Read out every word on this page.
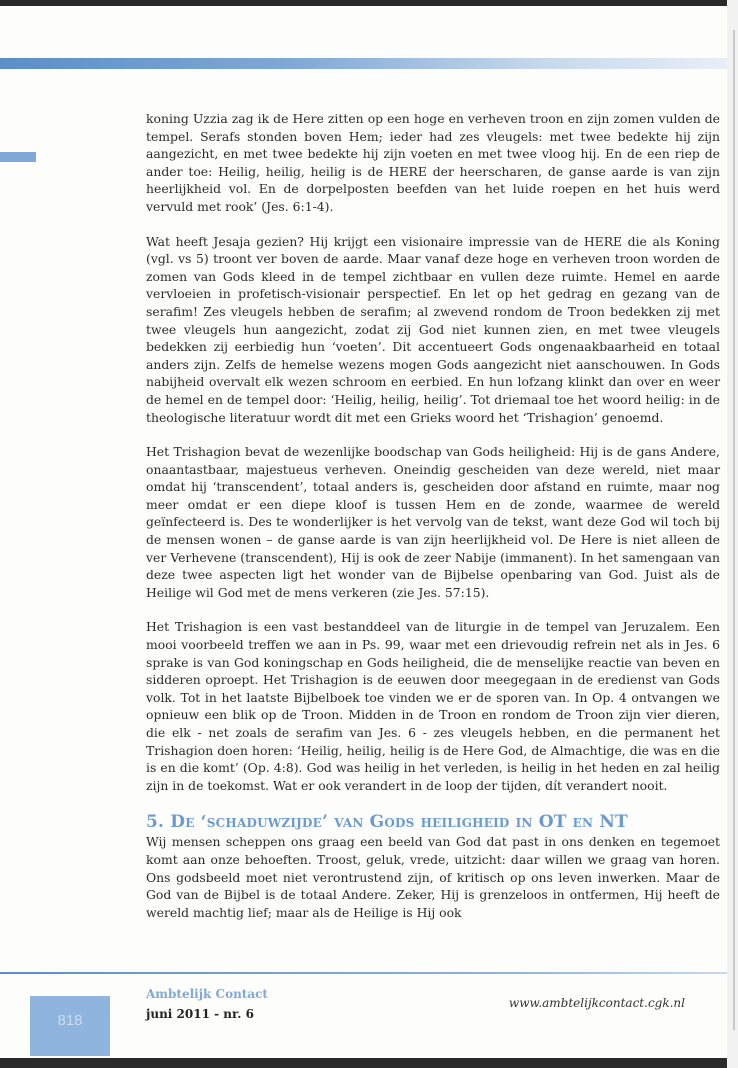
koning Uzzia zag ik de Here zitten op een hoge en verheven troon en zijn zomen vulden de tempel. Serafs stonden boven Hem; ieder had zes vleugels: met twee bedekte hij zijn aangezicht, en met twee bedekte hij zijn voeten en met twee vloog hij. En de een riep de ander toe: Heilig, heilig, heilig is de HERE der heerscharen, de ganse aarde is van zijn heerlijkheid vol. En de dorpelposten beefden van het luide roepen en het huis werd vervuld met rook’ (Jes. 6:1-4).

Wat heeft Jesaja gezien? Hij krijgt een visionaire impressie van de HERE die als Koning (vgl. vs 5) troont ver boven de aarde. Maar vanaf deze hoge en verheven troon worden de zomen van Gods kleed in de tempel zichtbaar en vullen deze ruimte. Hemel en aarde vervloeien in profetisch-visionair perspectief. En let op het gedrag en gezang van de serafim! Zes vleugels hebben de serafim; al zwevend rondom de Troon bedekken zij met twee vleugels hun aangezicht, zodat zij God niet kunnen zien, en met twee vleugels bedekken zij eerbiedig hun ‘voeten’. Dit accentueert Gods ongenaakbaarheid en totaal anders zijn. Zelfs de hemelse wezens mogen Gods aangezicht niet aanschouwen. In Gods nabijheid overvalt elk wezen schroom en eerbied. En hun lofzang klinkt dan over en weer de hemel en de tempel door: ‘Heilig, heilig, heilig’. Tot driemaal toe het woord heilig: in de theologische literatuur wordt dit met een Grieks woord het ‘Trishagion’ genoemd.

Het Trishagion bevat de wezenlijke boodschap van Gods heiligheid: Hij is de gans Andere, onaantastbaar, majestueus verheven. Oneindig gescheiden van deze wereld, niet maar omdat hij ‘transcendent’, totaal anders is, gescheiden door afstand en ruimte, maar nog meer omdat er een diepe kloof is tussen Hem en de zonde, waarmee de wereld geïnfecteerd is. Des te wonderlijker is het vervolg van de tekst, want deze God wil toch bij de mensen wonen – de ganse aarde is van zijn heerlijkheid vol. De Here is niet alleen de ver Verhevene (transcendent), Hij is ook de zeer Nabije (immanent). In het samengaan van deze twee aspecten ligt het wonder van de Bijbelse openbaring van God. Juist als de Heilige wil God met de mens verkeren (zie Jes. 57:15).

Het Trishagion is een vast bestanddeel van de liturgie in de tempel van Jeruzalem. Een mooi voorbeeld treffen we aan in Ps. 99, waar met een drievoudig refrein net als in Jes. 6 sprake is van God koningschap en Gods heiligheid, die de menselijke reactie van beven en sidderen oproept. Het Trishagion is de eeuwen door meegegaan in de eredienst van Gods volk. Tot in het laatste Bijbelboek toe vinden we er de sporen van. In Op. 4 ontvangen we opnieuw een blik op de Troon. Midden in de Troon en rondom de Troon zijn vier dieren, die elk - net zoals de serafim van Jes. 6 - zes vleugels hebben, en die permanent het Trishagion doen horen: ‘Heilig, heilig, heilig is de Here God, de Almachtige, die was en die is en die komt’ (Op. 4:8). God was heilig in het verleden, is heilig in het heden en zal heilig zijn in de toekomst. Wat er ook verandert in de loop der tijden, dít verandert nooit.

5. De ‘schaduwzijde’ van Gods heiligheid in OT en NT

Wij mensen scheppen ons graag een beeld van God dat past in ons denken en tegemoet komt aan onze behoeften. Troost, geluk, vrede, uitzicht: daar willen we graag van horen. Ons godsbeeld moet niet verontrustend zijn, of kritisch op ons leven inwerken. Maar de God van de Bijbel is de totaal Andere. Zeker, Hij is grenzeloos in ontfermen, Hij heeft de wereld machtig lief; maar als de Heilige is Hij ook

818
Ambtelijk Contact
juni 2011 - nr. 6
www.ambtelijkcontact.cgk.nl
